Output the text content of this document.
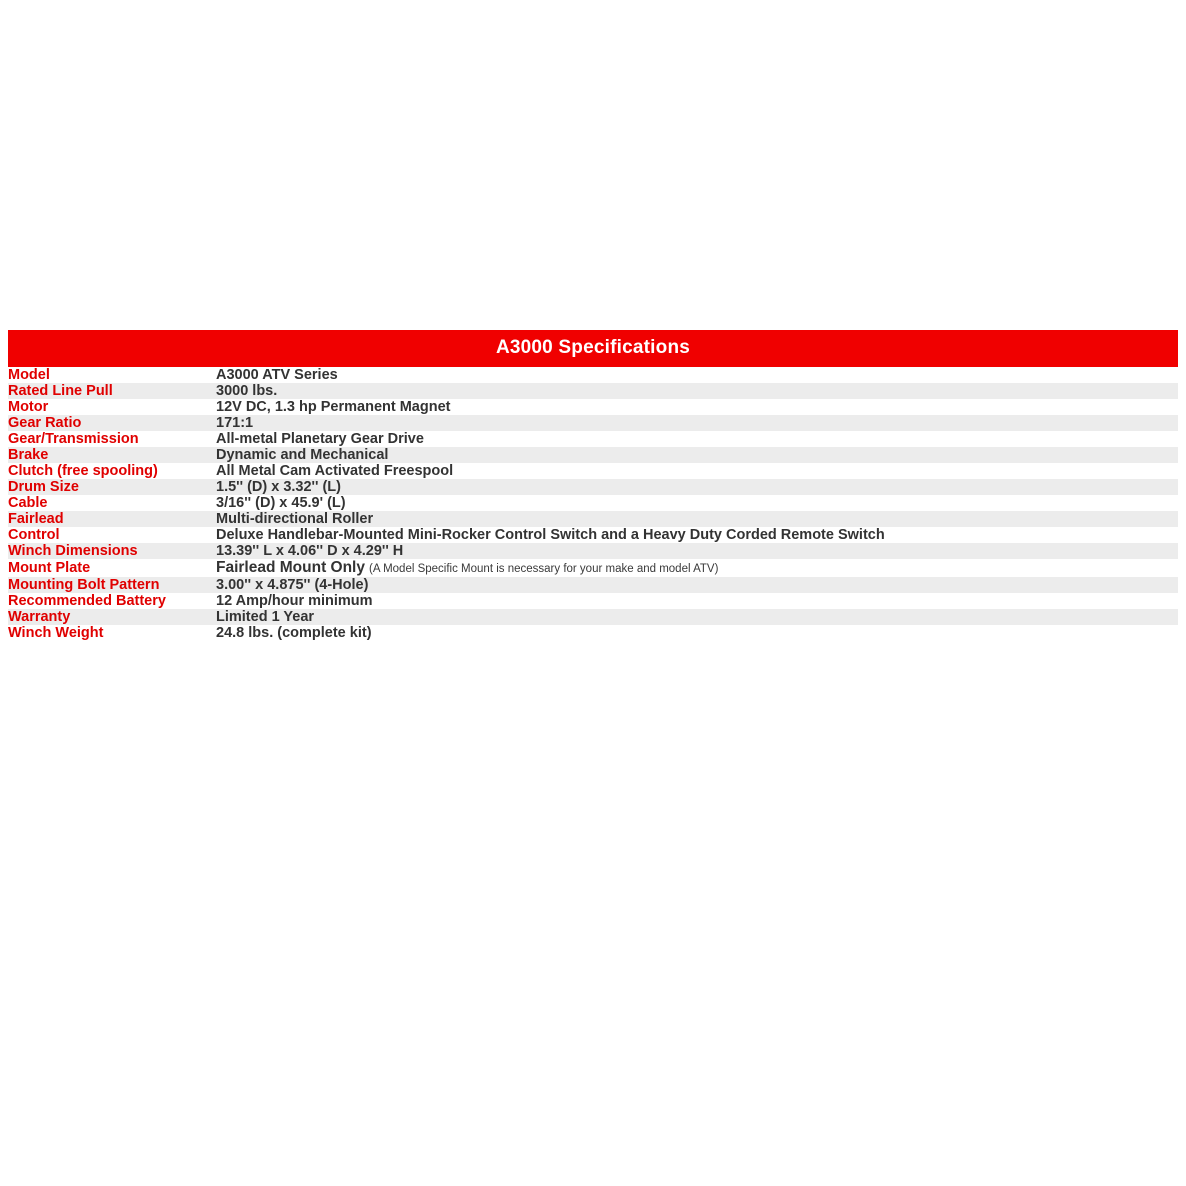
A3000 Specifications
Model	A3000 ATV Series
Rated Line Pull	3000 lbs.
Motor	12V DC, 1.3 hp Permanent Magnet
Gear Ratio	171:1
Gear/Transmission	All-metal Planetary Gear Drive
Brake	Dynamic and Mechanical
Clutch (free spooling)	All Metal Cam Activated Freespool
Drum Size	1.5'' (D) x 3.32'' (L)
Cable	3/16'' (D) x 45.9' (L)
Fairlead	Multi-directional Roller
Control	Deluxe Handlebar-Mounted Mini-Rocker Control Switch and a Heavy Duty Corded Remote Switch
Winch Dimensions	13.39'' L x 4.06'' D x 4.29'' H
Mount Plate	Fairlead Mount Only (A Model Specific Mount is necessary for your make and model ATV)
Mounting Bolt Pattern	3.00'' x 4.875'' (4-Hole)
Recommended Battery	12 Amp/hour minimum
Warranty	Limited 1 Year
Winch Weight	24.8 lbs. (complete kit)
